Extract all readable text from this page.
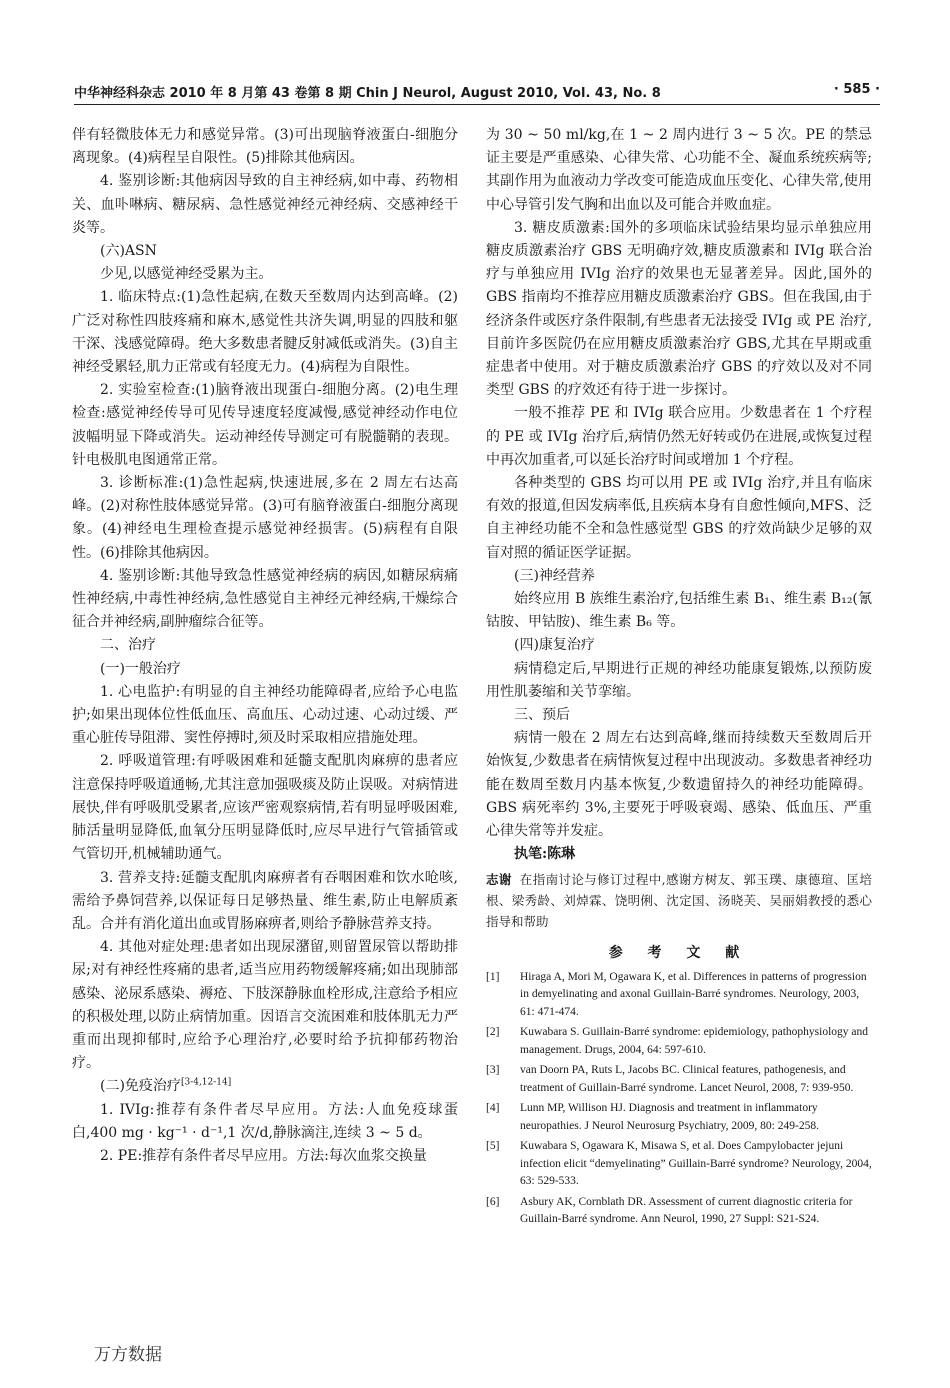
中华神经科杂志 2010 年 8 月第 43 卷第 8 期 Chin J Neurol, August 2010, Vol. 43, No. 8	· 585 ·

伴有轻微肢体无力和感觉异常。(3)可出现脑脊液蛋白-细胞分离现象。(4)病程呈自限性。(5)排除其他病因。

4. 鉴别诊断:其他病因导致的自主神经病,如中毒、药物相关、血卟啉病、糖尿病、急性感觉神经元神经病、交感神经干炎等。

(六)ASN

少见,以感觉神经受累为主。

1. 临床特点:(1)急性起病,在数天至数周内达到高峰。(2)广泛对称性四肢疼痛和麻木,感觉性共济失调,明显的四肢和躯干深、浅感觉障碍。绝大多数患者腱反射减低或消失。(3)自主神经受累轻,肌力正常或有轻度无力。(4)病程为自限性。

2. 实验室检查:(1)脑脊液出现蛋白-细胞分离。(2)电生理检查:感觉神经传导可见传导速度轻度减慢,感觉神经动作电位波幅明显下降或消失。运动神经传导测定可有脱髓鞘的表现。针电极肌电图通常正常。

3. 诊断标准:(1)急性起病,快速进展,多在 2 周左右达高峰。(2)对称性肢体感觉异常。(3)可有脑脊液蛋白-细胞分离现象。(4)神经电生理检查提示感觉神经损害。(5)病程有自限性。(6)排除其他病因。

4. 鉴别诊断:其他导致急性感觉神经病的病因,如糖尿病痛性神经病,中毒性神经病,急性感觉自主神经元神经病,干燥综合征合并神经病,副肿瘤综合征等。

二、治疗

(一)一般治疗

1. 心电监护:有明显的自主神经功能障碍者,应给予心电监护;如果出现体位性低血压、高血压、心动过速、心动过缓、严重心脏传导阻滞、窦性停搏时,须及时采取相应措施处理。

2. 呼吸道管理:有呼吸困难和延髓支配肌肉麻痹的患者应注意保持呼吸道通畅,尤其注意加强吸痰及防止误吸。对病情进展快,伴有呼吸肌受累者,应该严密观察病情,若有明显呼吸困难,肺活量明显降低,血氧分压明显降低时,应尽早进行气管插管或气管切开,机械辅助通气。

3. 营养支持:延髓支配肌肉麻痹者有吞咽困难和饮水呛咳,需给予鼻饲营养,以保证每日足够热量、维生素,防止电解质紊乱。合并有消化道出血或胃肠麻痹者,则给予静脉营养支持。

4. 其他对症处理:患者如出现尿潴留,则留置尿管以帮助排尿;对有神经性疼痛的患者,适当应用药物缓解疼痛;如出现肺部感染、泌尿系感染、褥疮、下肢深静脉血栓形成,注意给予相应的积极处理,以防止病情加重。因语言交流困难和肢体肌无力严重而出现抑郁时,应给予心理治疗,必要时给予抗抑郁药物治疗。

(二)免疫治疗[3-4,12-14]

1. IVIg:推荐有条件者尽早应用。方法:人血免疫球蛋白,400 mg · kg⁻¹ · d⁻¹,1 次/d,静脉滴注,连续 3 ~ 5 d。

2. PE:推荐有条件者尽早应用。方法:每次血浆交换量

为 30 ~ 50 ml/kg,在 1 ~ 2 周内进行 3 ~ 5 次。PE 的禁忌证主要是严重感染、心律失常、心功能不全、凝血系统疾病等;其副作用为血液动力学改变可能造成血压变化、心律失常,使用中心导管引发气胸和出血以及可能合并败血症。

3. 糖皮质激素:国外的多项临床试验结果均显示单独应用糖皮质激素治疗 GBS 无明确疗效,糖皮质激素和 IVIg 联合治疗与单独应用 IVIg 治疗的效果也无显著差异。因此,国外的 GBS 指南均不推荐应用糖皮质激素治疗 GBS。但在我国,由于经济条件或医疗条件限制,有些患者无法接受 IVIg 或 PE 治疗,目前许多医院仍在应用糖皮质激素治疗 GBS,尤其在早期或重症患者中使用。对于糖皮质激素治疗 GBS 的疗效以及对不同类型 GBS 的疗效还有待于进一步探讨。

一般不推荐 PE 和 IVIg 联合应用。少数患者在 1 个疗程的 PE 或 IVIg 治疗后,病情仍然无好转或仍在进展,或恢复过程中再次加重者,可以延长治疗时间或增加 1 个疗程。

各种类型的 GBS 均可以用 PE 或 IVIg 治疗,并且有临床有效的报道,但因发病率低,且疾病本身有自愈性倾向,MFS、泛自主神经功能不全和急性感觉型 GBS 的疗效尚缺少足够的双盲对照的循证医学证据。

(三)神经营养

始终应用 B 族维生素治疗,包括维生素 B₁、维生素 B₁₂(氰钴胺、甲钴胺)、维生素 B₆ 等。

(四)康复治疗

病情稳定后,早期进行正规的神经功能康复锻炼,以预防废用性肌萎缩和关节挛缩。

三、预后

病情一般在 2 周左右达到高峰,继而持续数天至数周后开始恢复,少数患者在病情恢复过程中出现波动。多数患者神经功能在数周至数月内基本恢复,少数遗留持久的神经功能障碍。GBS 病死率约 3%,主要死于呼吸衰竭、感染、低血压、严重心律失常等并发症。

执笔:陈琳

志谢 在指南讨论与修订过程中,感谢方树友、郭玉璞、康德瑄、匡培根、梁秀龄、刘焯霖、饶明俐、沈定国、汤晓芙、吴丽娟教授的悉心指导和帮助

参 考 文 献

[1] Hiraga A, Mori M, Ogawara K, et al. Differences in patterns of progression in demyelinating and axonal Guillain-Barré syndromes. Neurology, 2003, 61: 471-474.
[2] Kuwabara S. Guillain-Barré syndrome: epidemiology, pathophysiology and management. Drugs, 2004, 64: 597-610.
[3] van Doorn PA, Ruts L, Jacobs BC. Clinical features, pathogenesis, and treatment of Guillain-Barré syndrome. Lancet Neurol, 2008, 7: 939-950.
[4] Lunn MP, Willison HJ. Diagnosis and treatment in inflammatory neuropathies. J Neurol Neurosurg Psychiatry, 2009, 80: 249-258.
[5] Kuwabara S, Ogawara K, Misawa S, et al. Does Campylobacter jejuni infection elicit “demyelinating” Guillain-Barré syndrome? Neurology, 2004, 63: 529-533.
[6] Asbury AK, Cornblath DR. Assessment of current diagnostic criteria for Guillain-Barré syndrome. Ann Neurol, 1990, 27 Suppl: S21-S24.
万方数据
